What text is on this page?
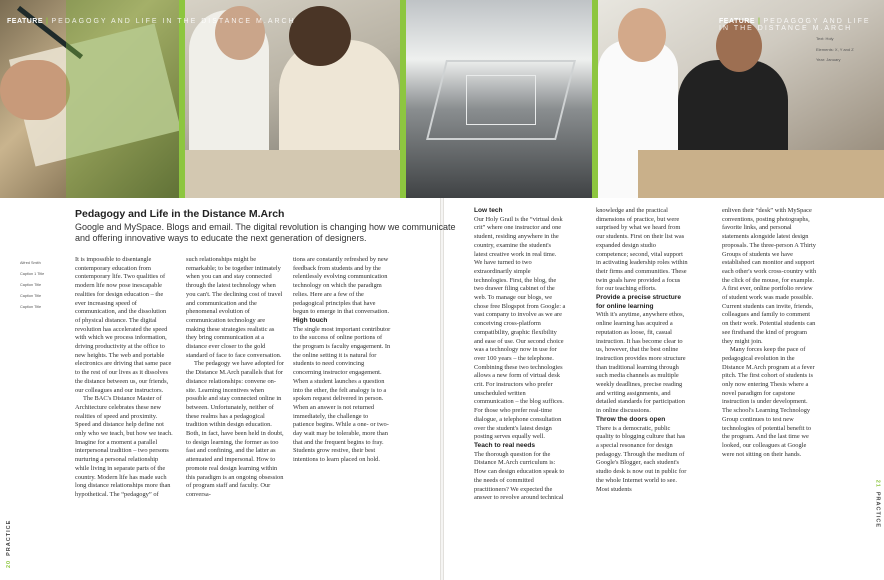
FEATURE | PEDAGOGY AND LIFE IN THE DISTANCE M.ARCH	FEATURE | PEDAGOGY AND LIFE IN THE DISTANCE M.ARCH
Text: Holy
Elements: X, Y and Z
Year: January
Pedagogy and Life in the Distance M.Arch

Google and MySpace. Blogs and email. The digital revolution is changing how we communicate and offering innovative ways to educate the next generation of designers.

Alfred Smith
Caption 1 Title
Caption Title
Caption Title
Caption Title

It is impossible to disentangle contemporary education from contemporary life. Two qualities of modern life now pose inescapable realities for design education – the ever increasing speed of communication, and the dissolution of physical distance. The digital revolution has accelerated the speed with which we process information, driving productivity at the office to new heights. The web and portable electronics are driving that same pace to the rest of our lives as it dissolves the distance between us, our friends, our colleagues and our instructors.

The BAC's Distance Master of Architecture celebrates these new realities of speed and proximity. Speed and distance help define not only who we teach, but how we teach. Imagine for a moment a parallel interpersonal tradition – two persons nurturing a personal relationship while living in separate parts of the country. Modern life has made such long distance relationships more than hypothetical. The “pedagogy” of

such relationships might be remarkable; to be together intimately when you can and stay connected through the latest technology when you can't. The declining cost of travel and communication and the phenomenal evolution of communication technology are making these strategies realistic as they bring communication at a distance ever closer to the gold standard of face to face conversation.

The pedagogy we have adopted for the Distance M.Arch parallels that for distance relationships: convene on-site. Learning incentives when possible and stay connected online in between. Unfortunately, neither of these realms has a pedagogical tradition within design education. Both, in fact, have been held in doubt, to design learning, the former as too fast and confining, and the latter as attenuated and impersonal. How to promote real design learning within this paradigm is an ongoing obsession of program staff and faculty. Our conversa-

tions are constantly refreshed by new feedback from students and by the relentlessly evolving communication technology on which the paradigm relies. Here are a few of the pedagogical principles that have begun to emerge in that conversation.

High touch

The single most important contributor to the success of online portions of the program is faculty engagement. In the online setting it is natural for students to need convincing concerning instructor engagement. When a student launches a question into the ether, the felt analogy is to a spoken request delivered in person. When an answer is not returned immediately, the challenge to patience begins. While a one- or two-day wait may be tolerable, more than that and the frequent begins to fray. Students grow restive, their best intentions to learn placed on hold.

Low tech

Our Holy Grail is the “virtual desk crit” where one instructor and one student, residing anywhere in the country, examine the student's latest creative work in real time. We have turned to two extraordinarily simple technologies. First, the blog, the two drawer filing cabinet of the web. To manage our blogs, we chose free Blogspot from Google: a vast company to involve as we are conceiving cross-platform compatibility, graphic flexibility and ease of use. Our second choice was a technology now in use for over 100 years – the telephone. Combining these two technologies allows a new form of virtual desk crit. For instructors who prefer unscheduled written communication – the blog suffices. For those who prefer real-time dialogue, a telephone consultation over the student's latest design posting serves equally well.

Teach to real needs

The thorough question for the Distance M.Arch curriculum is: How can design education speak to the needs of committed practitioners? We expected the answer to revolve around technical

knowledge and the practical dimensions of practice, but were surprised by what we heard from our students. First on their list was expanded design studio competence; second, vital support in activating leadership roles within their firms and communities. These twin goals have provided a focus for our teaching efforts.

Provide a precise structure for online learning

With it's anytime, anywhere ethos, online learning has acquired a reputation as loose, fit, casual instruction. It has become clear to us, however, that the best online instruction provides more structure than traditional learning through such media channels as multiple weekly deadlines, precise reading and writing assignments, and detailed standards for participation in online discussions.

Throw the doors open

There is a democratic, public quality to blogging culture that has a special resonance for design pedagogy. Through the medium of Google's Blogger, each student's studio desk is now out in public for the whole Internet world to see. Most students

enliven their “desk” with MySpace conventions, posting photographs, favorite links, and personal statements alongside latest design proposals. The three-person A Thirty Groups of students we have established can monitor and support each other's work cross-country with the click of the mouse, for example. A first ever, online portfolio review of student work was made possible. Current students can invite, friends, colleagues and family to comment on their work. Potential students can see firsthand the kind of program they might join.

Many forces keep the pace of pedagogical evolution in the Distance M.Arch program at a fever pitch. The first cohort of students is only now entering Thesis where a novel paradigm for capstone instruction is under development. The school's Learning Technology Group continues to test new technologies of potential benefit to the program. And the last time we looked, our colleagues at Google were not sitting on their hands.

20PRACTICE
21PRACTICE
